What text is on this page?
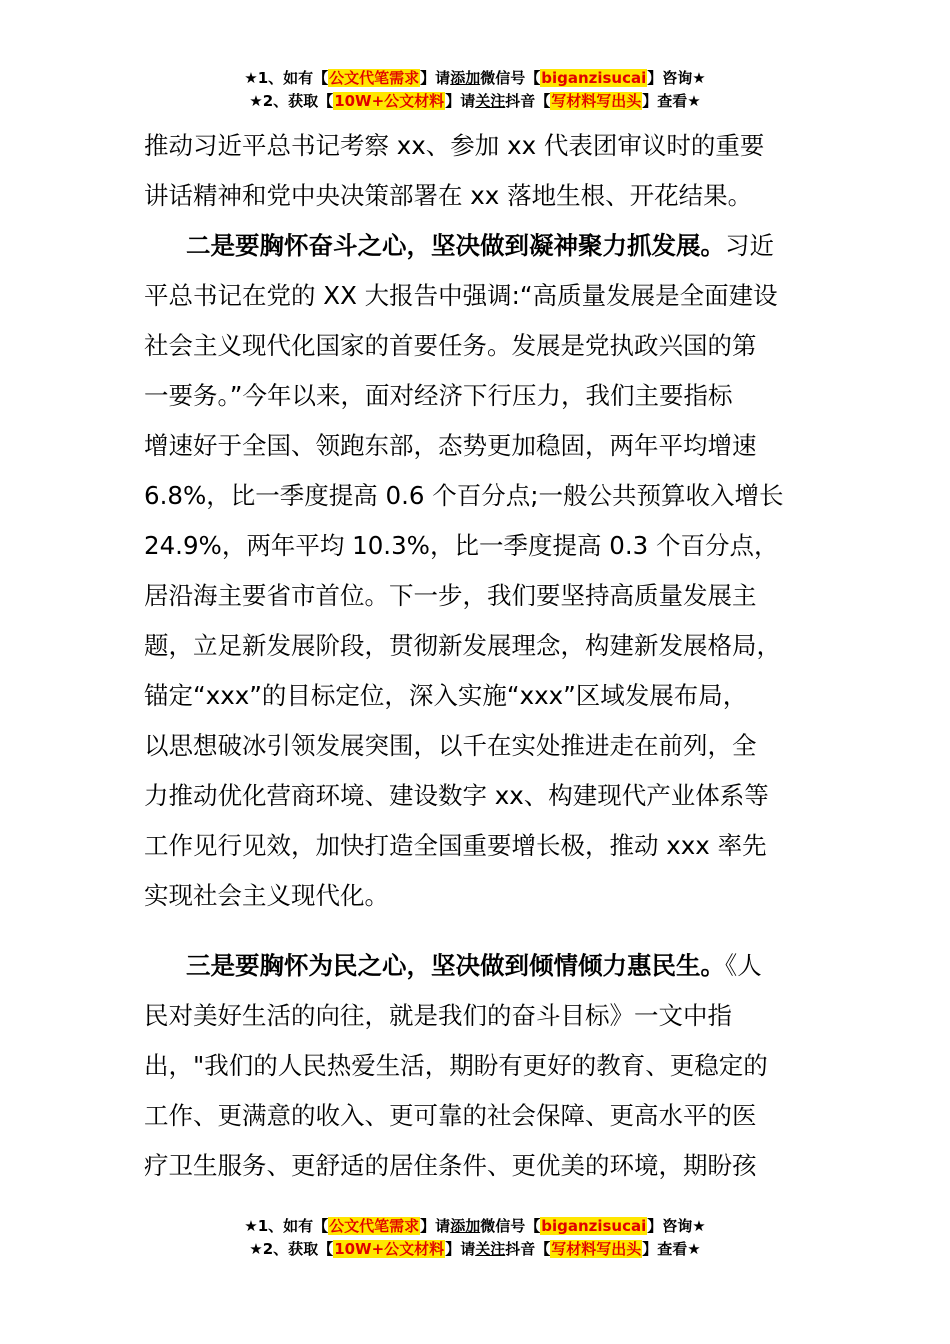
★1、如有【公文代笔需求】请添加微信号【biganzisucai】咨询★
★2、获取【10W+公文材料】请关注抖音【写材料写出头】查看★
推动习近平总书记考察 xx、参加 xx 代表团审议时的重要
讲话精神和党中央决策部署在 xx 落地生根、开花结果。
二是要胸怀奋斗之心，坚决做到凝神聚力抓发展。习近
平总书记在党的 XX 大报告中强调:“高质量发展是全面建设
社会主义现代化国家的首要任务。发展是党执政兴国的第
一要务。”今年以来，面对经济下行压力，我们主要指标
增速好于全国、领跑东部，态势更加稳固，两年平均增速
6.8%，比一季度提高 0.6 个百分点;一般公共预算收入增长
24.9%，两年平均 10.3%，比一季度提高 0.3 个百分点，
居沿海主要省市首位。下一步，我们要坚持高质量发展主
题，立足新发展阶段，贯彻新发展理念，构建新发展格局，
锚定“xxx”的目标定位，深入实施“xxx”区域发展布局，
以思想破冰引领发展突围，以千在实处推进走在前列，全
力推动优化营商环境、建设数字 xx、构建现代产业体系等
工作见行见效，加快打造全国重要增长极，推动 xxx 率先
实现社会主义现代化。
三是要胸怀为民之心，坚决做到倾情倾力惠民生。《人
民对美好生活的向往，就是我们的奋斗目标》一文中指
出，"我们的人民热爱生活，期盼有更好的教育、更稳定的
工作、更满意的收入、更可靠的社会保障、更高水平的医
疗卫生服务、更舒适的居住条件、更优美的环境，期盼孩
★1、如有【公文代笔需求】请添加微信号【biganzisucai】咨询★
★2、获取【10W+公文材料】请关注抖音【写材料写出头】查看★
